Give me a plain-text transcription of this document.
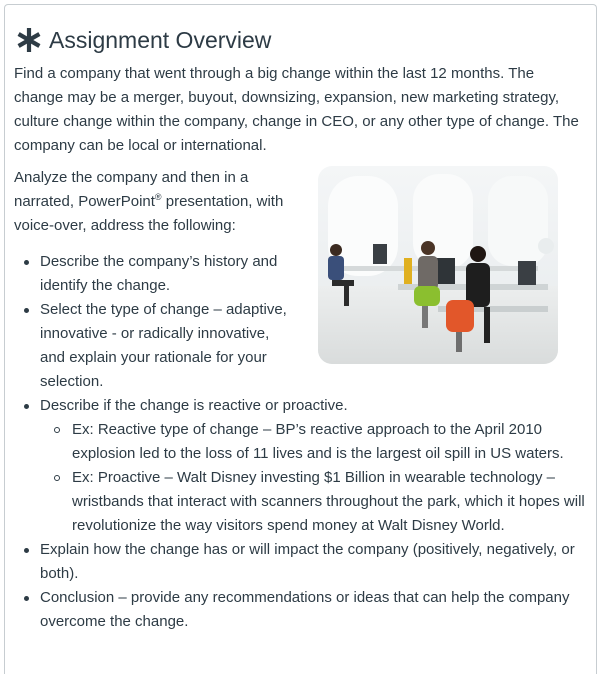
Assignment Overview

Find a company that went through a big change within the last 12 months. The change may be a merger, buyout, downsizing, expansion, new marketing strategy, culture change within the company, change in CEO, or any other type of change. The company can be local or international.

Analyze the company and then in a narrated, PowerPoint® presentation, with voice-over, address the following:

Describe the company’s history and identify the change.
Select the type of change – adaptive, innovative - or radically innovative, and explain your rationale for your selection.
Describe if the change is reactive or proactive.
Ex: Reactive type of change – BP’s reactive approach to the April 2010 explosion led to the loss of 11 lives and is the largest oil spill in US waters.
Ex: Proactive – Walt Disney investing $1 Billion in wearable technology – wristbands that interact with scanners throughout the park, which it hopes will revolutionize the way visitors spend money at Walt Disney World.
Explain how the change has or will impact the company (positively, negatively, or both).
Conclusion – provide any recommendations or ideas that can help the company overcome the change.
